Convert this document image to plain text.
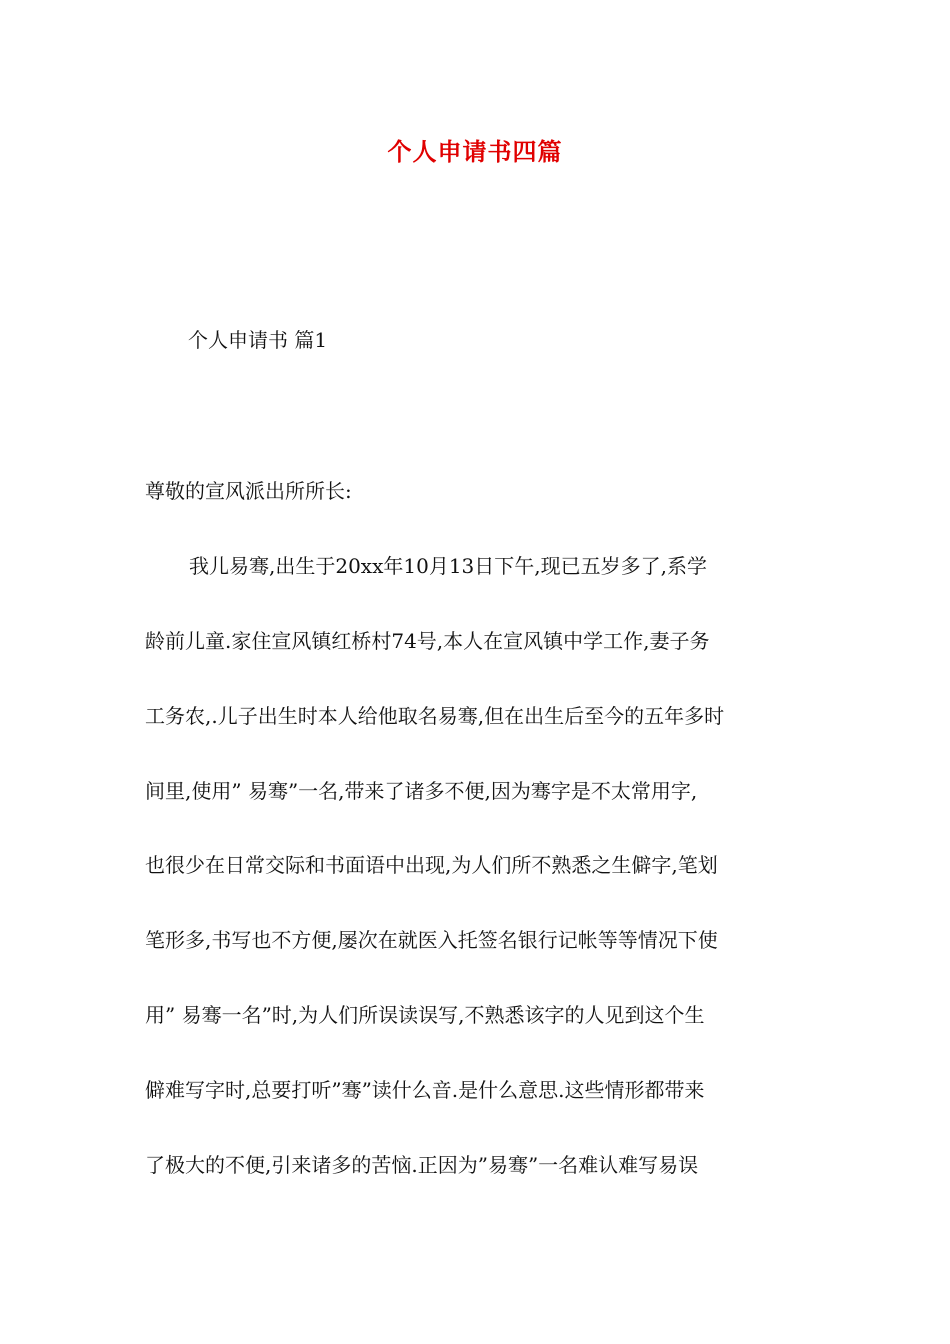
个人申请书四篇
个人申请书 篇1
尊敬的宣风派出所所长:
我儿易骞,出生于20xx年10月13日下午,现已五岁多了,系学
龄前儿童.家住宣风镇红桥村74号,本人在宣风镇中学工作,妻子务
工务农,.儿子出生时本人给他取名易骞,但在出生后至今的五年多时
间里,使用” 易骞”一名,带来了诸多不便,因为骞字是不太常用字,
也很少在日常交际和书面语中出现,为人们所不熟悉之生僻字,笔划
笔形多,书写也不方便,屡次在就医入托签名银行记帐等等情况下使
用” 易骞一名”时,为人们所误读误写,不熟悉该字的人见到这个生
僻难写字时,总要打听”骞”读什么音.是什么意思.这些情形都带来
了极大的不便,引来诸多的苦恼.正因为”易骞”一名难认难写易误
